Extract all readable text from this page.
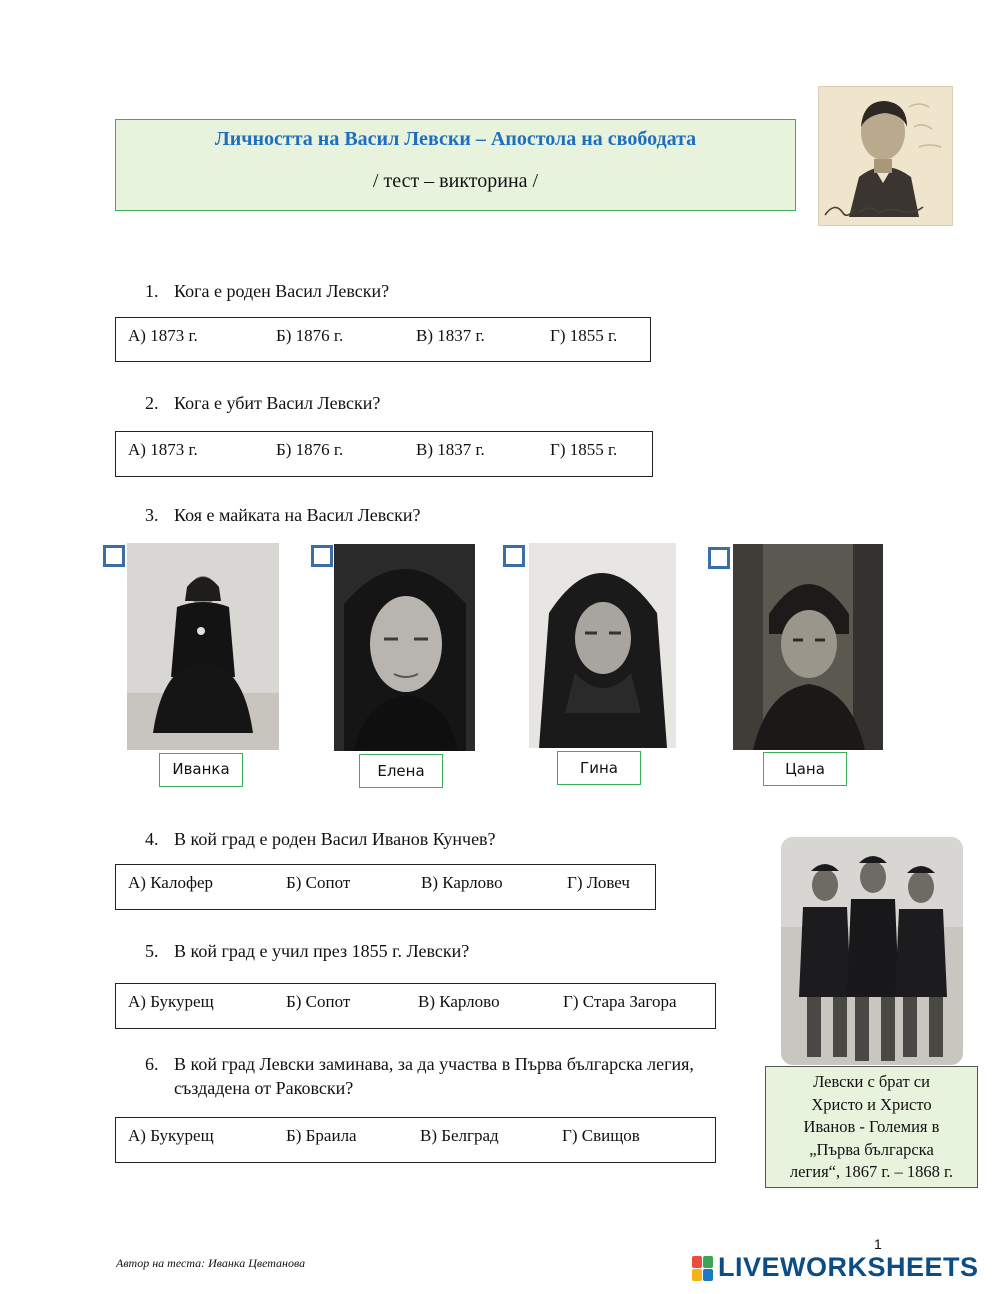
Личността на Васил Левски – Апостола на свободата
/ тест – викторина /
1. Кога е роден Васил Левски?
А) 1873 г.	Б) 1876 г.	В) 1837 г.	Г) 1855 г.
2. Кога е убит Васил Левски?
А) 1873 г.	Б) 1876 г.	В) 1837 г.	Г) 1855 г.
3. Коя е майката на Васил Левски?
Иванка	Елена	Гина	Цана
4. В кой град е роден Васил Иванов Кунчев?
А) Калофер	Б) Сопот	В) Карлово	Г) Ловеч
5. В кой град е учил през 1855 г. Левски?
А) Букурещ	Б) Сопот	В) Карлово	Г) Стара Загора
6. В кой град Левски заминава, за да участва в Първа българска легия,
създадена от Раковски?
А) Букурещ	Б) Браила	В) Белград	Г) Свищов
Левски с брат си
Христо и Христо
Иванов - Големия в
„Първа българска
легия“, 1867 г. – 1868 г.
Автор на теста: Иванка Цветанова
1
LIVEWORKSHEETS
